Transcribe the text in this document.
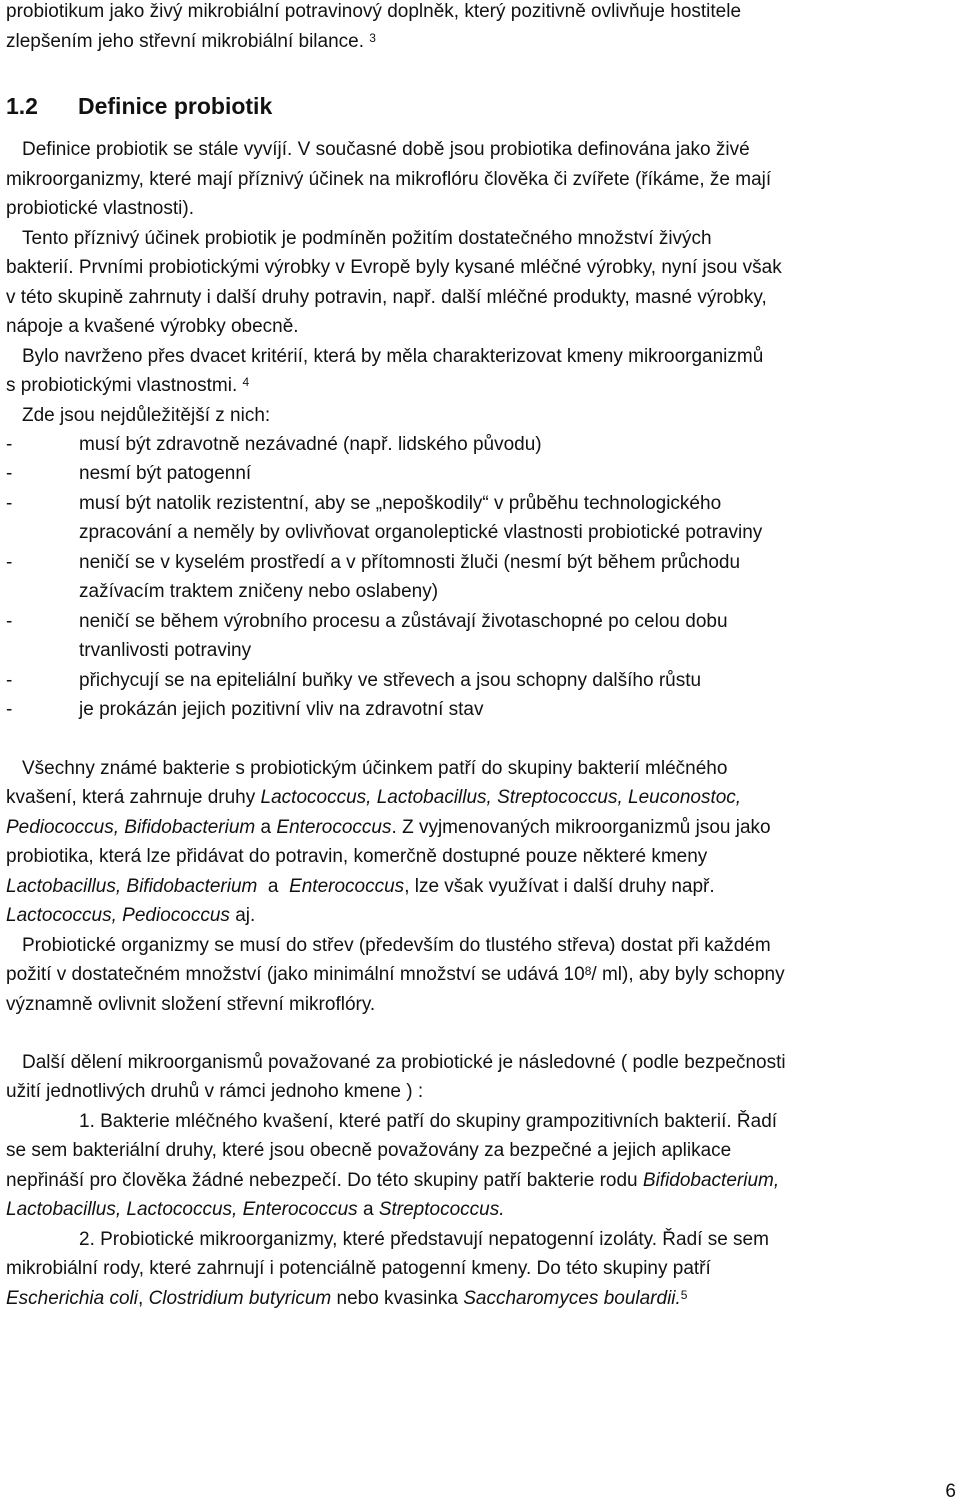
probiotikum jako živý mikrobiální potravinový doplněk, který pozitivně ovlivňuje hostitele
zlepšením jeho střevní mikrobiální bilance. $^3$
1.2 Definice probiotik
Definice probiotik se stále vyvíjí. V současné době jsou probiotika definována jako živé
mikroorganizmy, které mají příznivý účinek na mikroflóru člověka či zvířete (říkáme, že mají
probiotické vlastnosti).
Tento příznivý účinek probiotik je podmíněn požitím dostatečného množství živých
bakterií. Prvními probiotickými výrobky v Evropě byly kysané mléčné výrobky, nyní jsou však
v této skupině zahrnuty i další druhy potravin, např. další mléčné produkty, masné výrobky,
nápoje a kvašené výrobky obecně.
Bylo navrženo přes dvacet kritérií, která by měla charakterizovat kmeny mikroorganizmů
s probiotickými vlastnostmi. $^4$
Zde jsou nejdůležitější z nich:
-	musí být zdravotně nezávadné (např. lidského původu)
-	nesmí být patogenní
-	musí být natolik rezistentní, aby se „nepoškodily“ v průběhu technologického
zpracování a neměly by ovlivňovat organoleptické vlastnosti probiotické potraviny
-	neničí se v kyselém prostředí a v přítomnosti žluči (nesmí být během průchodu
zažívacím traktem zničeny nebo oslabeny)
-	neničí se během výrobního procesu a zůstávají životaschopné po celou dobu
trvanlivosti potraviny
-	přichycují se na epiteliální buňky ve střevech a jsou schopny dalšího růstu
-	je prokázán jejich pozitivní vliv na zdravotní stav
Všechny známé bakterie s probiotickým účinkem patří do skupiny bakterií mléčného
kvašení, která zahrnuje druhy Lactococcus, Lactobacillus, Streptococcus, Leuconostoc,
Pediococcus, Bifidobacterium a Enterococcus. Z vyjmenovaných mikroorganizmů jsou jako
probiotika, která lze přidávat do potravin, komerčně dostupné pouze některé kmeny
Lactobacillus, Bifidobacterium a Enterococcus, lze však využívat i další druhy např.
Lactococcus, Pediococcus aj.
Probiotické organizmy se musí do střev (především do tlustého střeva) dostat při každém
požití v dostatečném množství (jako minimální množství se udává $10^8/$ ml), aby byly schopny
významně ovlivnit složení střevní mikroflóry.
Další dělení mikroorganismů považované za probiotické je následovné ( podle bezpečnosti
užití jednotlivých druhů v rámci jednoho kmene ) :
1. Bakterie mléčného kvašení, které patří do skupiny grampozitivních bakterií. Řadí
se sem bakteriální druhy, které jsou obecně považovány za bezpečné a jejich aplikace
nepřináší pro člověka žádné nebezpečí. Do této skupiny patří bakterie rodu Bifidobacterium,
Lactobacillus, Lactococcus, Enterococcus a Streptococcus.
2. Probiotické mikroorganizmy, které představují nepatogenní izoláty. Řadí se sem
mikrobiální rody, které zahrnují i potenciálně patogenní kmeny. Do této skupiny patří
Escherichia coli, Clostridium butyricum nebo kvasinka Saccharomyces boulardii.$^5$
6
